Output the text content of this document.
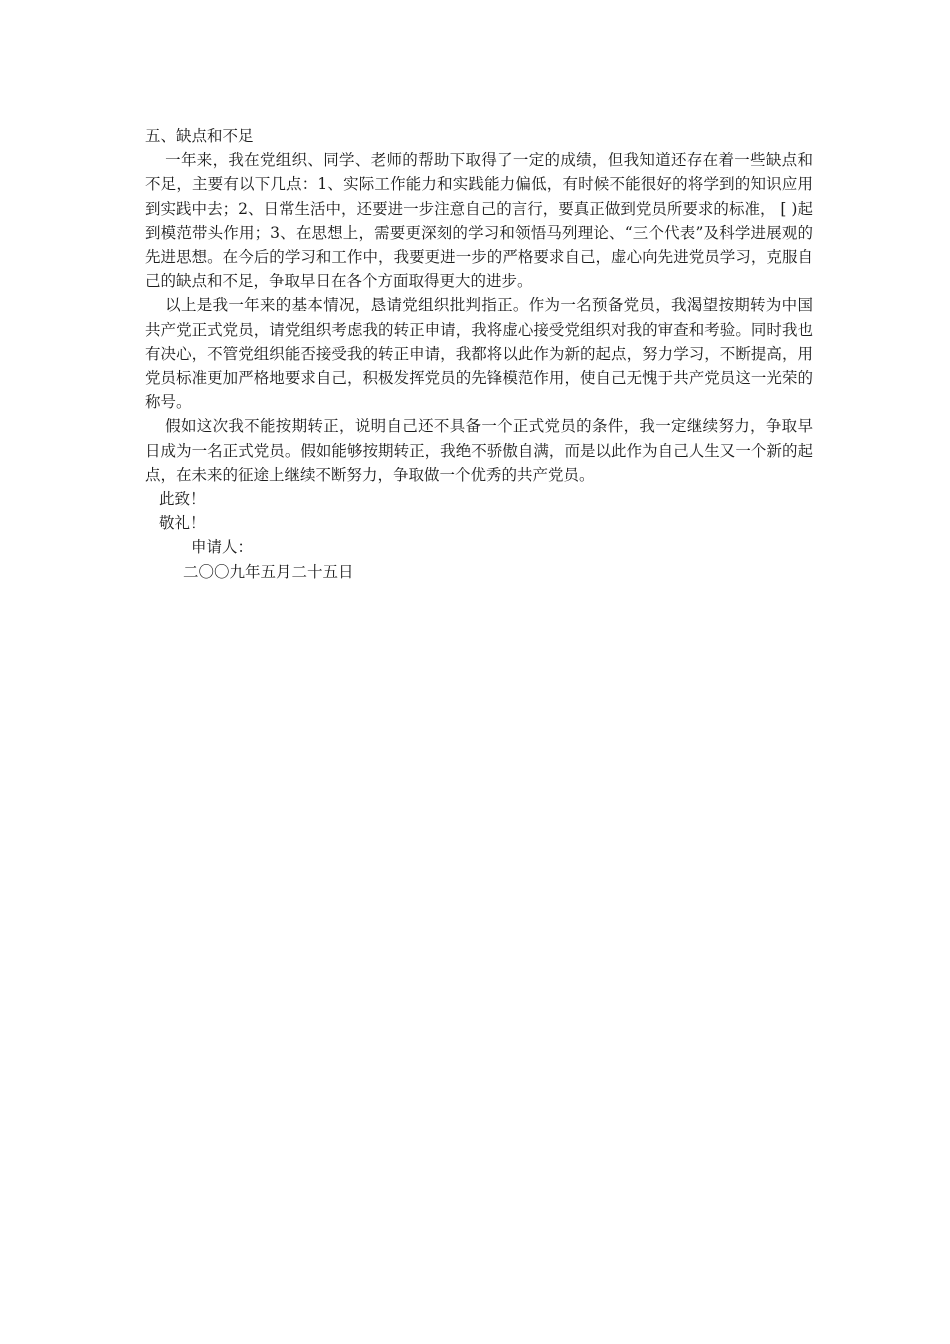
五、缺点和不足

一年来，我在党组织、同学、老师的帮助下取得了一定的成绩，但我知道还存在着一些缺点和不足，主要有以下几点：1、实际工作能力和实践能力偏低，有时候不能很好的将学到的知识应用到实践中去；2、日常生活中，还要进一步注意自己的言行，要真正做到党员所要求的标准， [ )起到模范带头作用；3、在思想上，需要更深刻的学习和领悟马列理论、“三个代表”及科学进展观的先进思想。在今后的学习和工作中，我要更进一步的严格要求自己，虚心向先进党员学习，克服自己的缺点和不足，争取早日在各个方面取得更大的进步。

以上是我一年来的基本情况，恳请党组织批判指正。作为一名预备党员，我渴望按期转为中国共产党正式党员，请党组织考虑我的转正申请，我将虚心接受党组织对我的审查和考验。同时我也有决心，不管党组织能否接受我的转正申请，我都将以此作为新的起点，努力学习，不断提高，用党员标准更加严格地要求自己，积极发挥党员的先锋模范作用，使自己无愧于共产党员这一光荣的称号。

假如这次我不能按期转正，说明自己还不具备一个正式党员的条件，我一定继续努力，争取早日成为一名正式党员。假如能够按期转正，我绝不骄傲自满，而是以此作为自己人生又一个新的起点，在未来的征途上继续不断努力，争取做一个优秀的共产党员。

此致！

敬礼！

申请人：

二〇〇九年五月二十五日
